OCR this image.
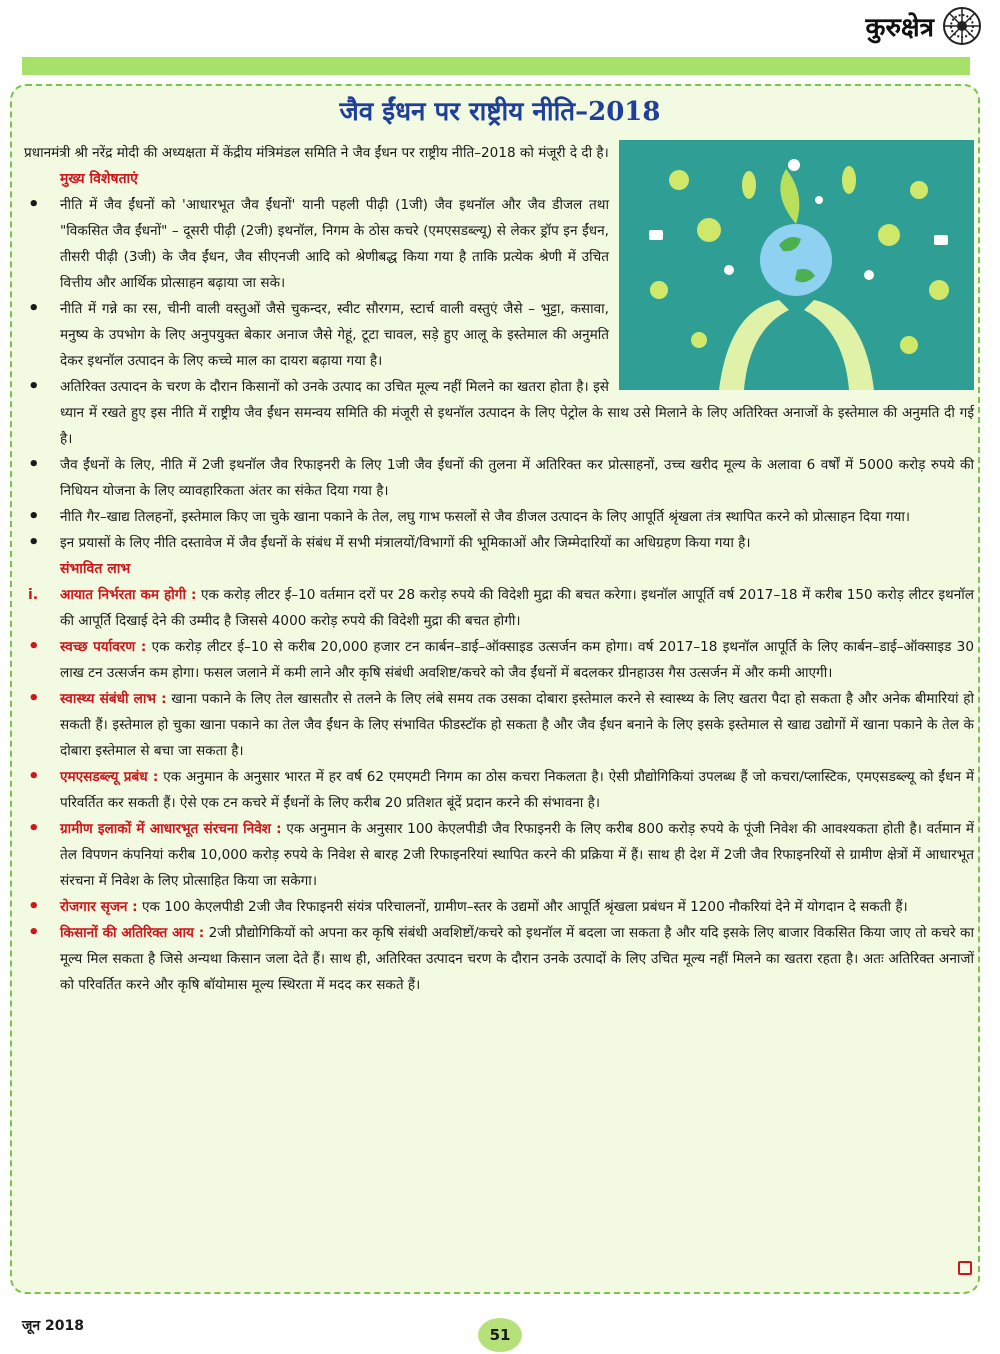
कुरुक्षेत्र
जैव ईंधन पर राष्ट्रीय नीति–2018

प्रधानमंत्री श्री नरेंद्र मोदी की अध्यक्षता में केंद्रीय मंत्रिमंडल समिति ने जैव ईंधन पर राष्ट्रीय नीति–2018 को मंजूरी दे दी है।

मुख्य विशेषताएं
• नीति में जैव ईंधनों को 'आधारभूत जैव ईंधनों' यानी पहली पीढ़ी (1जी) जैव इथनॉल और जैव डीजल तथा "विकसित जैव ईंधनों" – दूसरी पीढ़ी (2जी) इथनॉल, निगम के ठोस कचरे (एमएसडब्ल्यू) से लेकर ड्रॉप इन ईंधन, तीसरी पीढ़ी (3जी) के जैव ईंधन, जैव सीएनजी आदि को श्रेणीबद्ध किया गया है ताकि प्रत्येक श्रेणी में उचित वित्तीय और आर्थिक प्रोत्साहन बढ़ाया जा सके।
• नीति में गन्ने का रस, चीनी वाली वस्तुओं जैसे चुकन्दर, स्वीट सौरगम, स्टार्च वाली वस्तुएं जैसे – भुट्टा, कसावा, मनुष्य के उपभोग के लिए अनुपयुक्त बेकार अनाज जैसे गेहूं, टूटा चावल, सड़े हुए आलू के इस्तेमाल की अनुमति देकर इथनॉल उत्पादन के लिए कच्चे माल का दायरा बढ़ाया गया है।
• अतिरिक्त उत्पादन के चरण के दौरान किसानों को उनके उत्पाद का उचित मूल्य नहीं मिलने का खतरा होता है। इसे ध्यान में रखते हुए इस नीति में राष्ट्रीय जैव ईंधन समन्वय समिति की मंजूरी से इथनॉल उत्पादन के लिए पेट्रोल के साथ उसे मिलाने के लिए अतिरिक्त अनाजों के इस्तेमाल की अनुमति दी गई है।
• जैव ईंधनों के लिए, नीति में 2जी इथनॉल जैव रिफाइनरी के लिए 1जी जैव ईंधनों की तुलना में अतिरिक्त कर प्रोत्साहनों, उच्च खरीद मूल्य के अलावा 6 वर्षों में 5000 करोड़ रुपये की निधियन योजना के लिए व्यावहारिकता अंतर का संकेत दिया गया है।
• नीति गैर–खाद्य तिलहनों, इस्तेमाल किए जा चुके खाना पकाने के तेल, लघु गाभ फसलों से जैव डीजल उत्पादन के लिए आपूर्ति श्रृंखला तंत्र स्थापित करने को प्रोत्साहन दिया गया।
• इन प्रयासों के लिए नीति दस्तावेज में जैव ईंधनों के संबंध में सभी मंत्रालयों/विभागों की भूमिकाओं और जिम्मेदारियों का अधिग्रहण किया गया है।
संभावित लाभ
i. आयात निर्भरता कम होगी : एक करोड़ लीटर ई–10 वर्तमान दरों पर 28 करोड़ रुपये की विदेशी मुद्रा की बचत करेगा। इथनॉल आपूर्ति वर्ष 2017–18 में करीब 150 करोड़ लीटर इथनॉल की आपूर्ति दिखाई देने की उम्मीद है जिससे 4000 करोड़ रुपये की विदेशी मुद्रा की बचत होगी।
• स्वच्छ पर्यावरण : एक करोड़ लीटर ई–10 से करीब 20,000 हजार टन कार्बन–डाई–ऑक्साइड उत्सर्जन कम होगा। वर्ष 2017–18 इथनॉल आपूर्ति के लिए कार्बन–डाई–ऑक्साइड 30 लाख टन उत्सर्जन कम होगा। फसल जलाने में कमी लाने और कृषि संबंधी अवशिष्ट/कचरे को जैव ईंधनों में बदलकर ग्रीनहाउस गैस उत्सर्जन में और कमी आएगी।
• स्वास्थ्य संबंधी लाभ : खाना पकाने के लिए तेल खासतौर से तलने के लिए लंबे समय तक उसका दोबारा इस्तेमाल करने से स्वास्थ्य के लिए खतरा पैदा हो सकता है और अनेक बीमारियां हो सकती हैं। इस्तेमाल हो चुका खाना पकाने का तेल जैव ईंधन के लिए संभावित फीडस्टॉक हो सकता है और जैव ईंधन बनाने के लिए इसके इस्तेमाल से खाद्य उद्योगों में खाना पकाने के तेल के दोबारा इस्तेमाल से बचा जा सकता है।
• एमएसडब्ल्यू प्रबंध : एक अनुमान के अनुसार भारत में हर वर्ष 62 एमएमटी निगम का ठोस कचरा निकलता है। ऐसी प्रौद्योगिकियां उपलब्ध हैं जो कचरा/प्लास्टिक, एमएसडब्ल्यू को ईंधन में परिवर्तित कर सकती हैं। ऐसे एक टन कचरे में ईंधनों के लिए करीब 20 प्रतिशत बूंदें प्रदान करने की संभावना है।
• ग्रामीण इलाकों में आधारभूत संरचना निवेश : एक अनुमान के अनुसार 100 केएलपीडी जैव रिफाइनरी के लिए करीब 800 करोड़ रुपये के पूंजी निवेश की आवश्यकता होती है। वर्तमान में तेल विपणन कंपनियां करीब 10,000 करोड़ रुपये के निवेश से बारह 2जी रिफाइनरियां स्थापित करने की प्रक्रिया में हैं। साथ ही देश में 2जी जैव रिफाइनरियों से ग्रामीण क्षेत्रों में आधारभूत संरचना में निवेश के लिए प्रोत्साहित किया जा सकेगा।
• रोजगार सृजन : एक 100 केएलपीडी 2जी जैव रिफाइनरी संयंत्र परिचालनों, ग्रामीण–स्तर के उद्यमों और आपूर्ति श्रृंखला प्रबंधन में 1200 नौकरियां देने में योगदान दे सकती हैं।
• किसानों की अतिरिक्त आय : 2जी प्रौद्योगिकियों को अपना कर कृषि संबंधी अवशिष्टों/कचरे को इथनॉल में बदला जा सकता है और यदि इसके लिए बाजार विकसित किया जाए तो कचरे का मूल्य मिल सकता है जिसे अन्यथा किसान जला देते हैं। साथ ही, अतिरिक्त उत्पादन चरण के दौरान उनके उत्पादों के लिए उचित मूल्य नहीं मिलने का खतरा रहता है। अतः अतिरिक्त अनाजों को परिवर्तित करने और कृषि बॉयोमास मूल्य स्थिरता में मदद कर सकते हैं।
जून 2018	51
